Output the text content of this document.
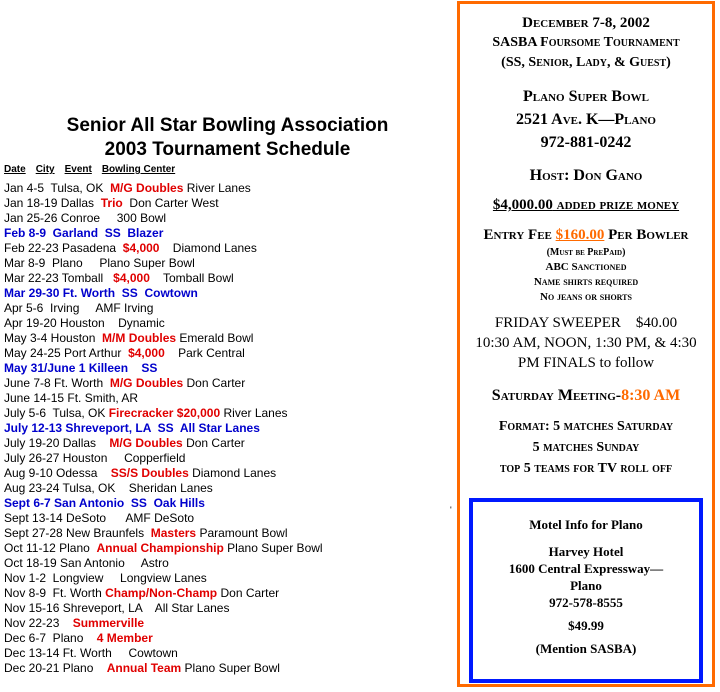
Senior All Star Bowling Association
2003 Tournament Schedule
Date City Event Bowling Center
Jan 4-5  Tulsa, OK  M/G Doubles River Lanes
Jan 18-19 Dallas  Trio  Don Carter West
Jan 25-26 Conroe     300 Bowl
Feb 8-9  Garland  SS  Blazer
Feb 22-23 Pasadena  $4,000    Diamond Lanes
Mar 8-9  Plano     Plano Super Bowl
Mar 22-23 Tomball   $4,000    Tomball Bowl
Mar 29-30 Ft. Worth  SS  Cowtown
Apr 5-6  Irving     AMF Irving
Apr 19-20 Houston    Dynamic
May 3-4 Houston  M/M Doubles Emerald Bowl
May 24-25 Port Arthur  $4,000    Park Central
May 31/June 1 Killeen    SS
June 7-8 Ft. Worth  M/G Doubles Don Carter
June 14-15 Ft. Smith, AR
July 5-6  Tulsa, OK Firecracker $20,000 River Lanes
July 12-13 Shreveport, LA  SS  All Star Lanes
July 19-20 Dallas    M/G Doubles Don Carter
July 26-27 Houston     Copperfield
Aug 9-10 Odessa    SS/S Doubles Diamond Lanes
Aug 23-24 Tulsa, OK    Sheridan Lanes
Sept 6-7 San Antonio  SS  Oak Hills
Sept 13-14 DeSoto      AMF DeSoto
Sept 27-28 New Braunfels  Masters Paramount Bowl
Oct 11-12 Plano  Annual Championship Plano Super Bowl
Oct 18-19 San Antonio     Astro
Nov 1-2  Longview     Longview Lanes
Nov 8-9  Ft. Worth Champ/Non-Champ Don Carter
Nov 15-16 Shreveport, LA    All Star Lanes
Nov 22-23    Summerville
Dec 6-7  Plano    4 Member
Dec 13-14 Ft. Worth     Cowtown
Dec 20-21 Plano    Annual Team Plano Super Bowl
'
December 7-8, 2002
SASBA Foursome Tournament
(SS, Senior, Lady, & Guest)
Plano Super Bowl
2521 Ave. K—Plano
972-881-0242
Host: Don Gano
$4,000.00 added prize money
Entry Fee $160.00 Per Bowler
(Must be PrePaid)
ABC Sanctioned
Name shirts required
No jeans or shorts
FRIDAY SWEEPER    $40.00
10:30 AM, NOON, 1:30 PM, & 4:30 PM FINALS to follow
Saturday Meeting-8:30 AM
Format: 5 matches Saturday
5 matches Sunday
top 5 teams for TV roll off
Motel Info for Plano
Harvey Hotel
1600 Central Expressway—
Plano
972-578-8555
$49.99
(Mention SASBA)
